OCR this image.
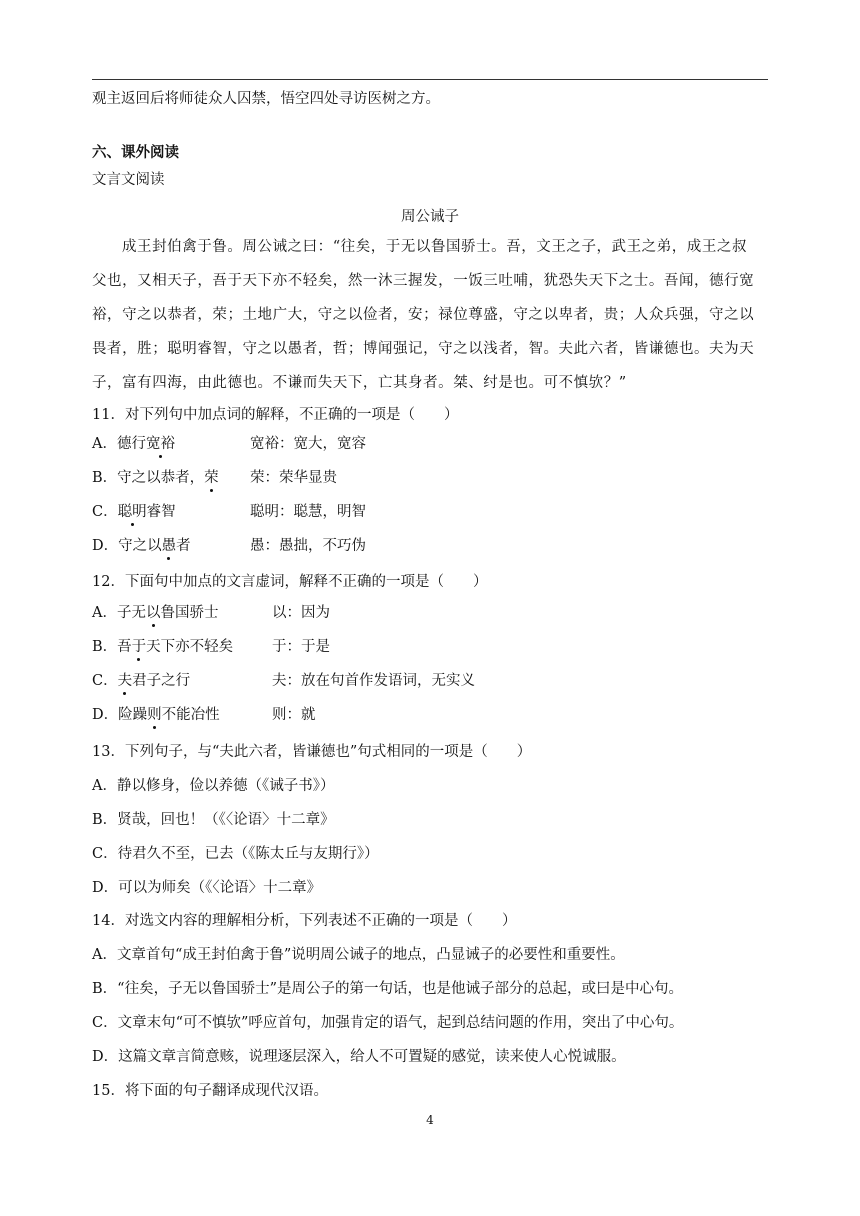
观主返回后将师徒众人囚禁，悟空四处寻访医树之方。
六、课外阅读
文言文阅读
周公诫子
成王封伯禽于鲁。周公诫之曰：“往矣，于无以鲁国骄士。吾，文王之子，武王之弟，成王之叔
父也，又相天子，吾于天下亦不轻矣，然一沐三握发，一饭三吐哺，犹恐失天下之士。吾闻，德行宽
裕，守之以恭者，荣；土地广大，守之以俭者，安；禄位尊盛，守之以卑者，贵；人众兵强，守之以
畏者，胜；聪明睿智，守之以愚者，哲；博闻强记，守之以浅者，智。夫此六者，皆谦德也。夫为天
子，富有四海，由此德也。不谦而失天下，亡其身者。桀、纣是也。可不慎欤？”
11．对下列句中加点词的解释，不正确的一项是（　　）
A．德行宽裕	宽裕：宽大，宽容
B．守之以恭者，荣 荣：荣华显贵
C．聪明睿智	聪明：聪慧，明智
D．守之以愚者	愚：愚拙，不巧伪
12．下面句中加点的文言虚词，解释不正确的一项是（　　）
A．子无以鲁国骄士	以：因为
B．吾于天下亦不轻矣	于：于是
C．夫君子之行	夫：放在句首作发语词，无实义
D．险躁则不能冶性	则：就
13．下列句子，与“夫此六者，皆谦德也”句式相同的一项是（　　）
A．静以修身，俭以养德（《诫子书》）
B．贤哉，回也！（《〈论语〉十二章》
C．待君久不至，已去（《陈太丘与友期行》）
D．可以为师矣（《〈论语〉十二章》
14．对选文内容的理解相分析，下列表述不正确的一项是（　　）
A．文章首句“成王封伯禽于鲁”说明周公诫子的地点，凸显诫子的必要性和重要性。
B．“往矣，子无以鲁国骄士”是周公子的第一句话，也是他诫子部分的总起，或曰是中心句。
C．文章末句“可不慎欤”呼应首句，加强肯定的语气，起到总结问题的作用，突出了中心句。
D．这篇文章言简意赅，说理逐层深入，给人不可置疑的感觉，读来使人心悦诚服。
15．将下面的句子翻译成现代汉语。
4
